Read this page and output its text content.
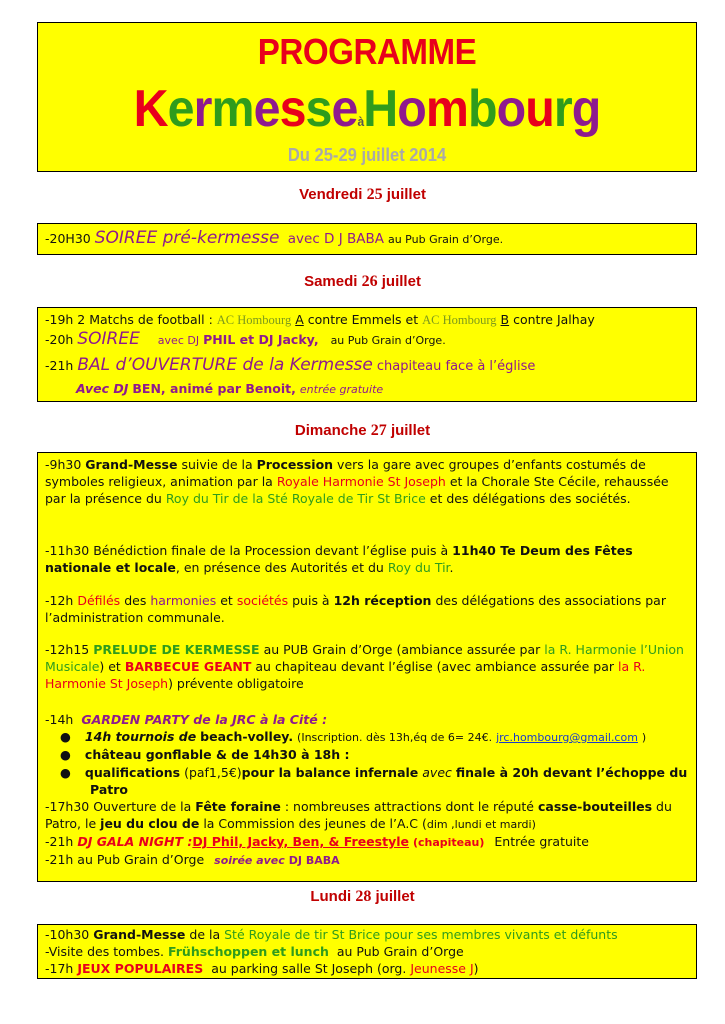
PROGRAMME
KermesseàHombourg
Du 25-29 juillet 2014
Vendredi 25 juillet
-20H30 SOIREE pré-kermesse avec D J BABA au Pub Grain d’Orge.
Samedi 26 juillet
-19h 2 Matchs de football : AC Hombourg A contre Emmels et AC Hombourg B contre Jalhay
-20h SOIREE avec DJ PHIL et DJ Jacky, au Pub Grain d’Orge.
-21h BAL d’OUVERTURE de la Kermesse chapiteau face à l’église
Avec DJ BEN, animé par Benoit, entrée gratuite
Dimanche 27 juillet
-9h30 Grand-Messe suivie de la Procession vers la gare avec groupes d’enfants costumés de symboles religieux, animation par la Royale Harmonie St Joseph et la Chorale Ste Cécile, rehaussée par la présence du Roy du Tir de la Sté Royale de Tir St Brice et des délégations des sociétés.
-11h30 Bénédiction finale de la Procession devant l’église puis à 11h40 Te Deum des Fêtes nationale et locale, en présence des Autorités et du Roy du Tir.
-12h Défilés des harmonies et sociétés puis à 12h réception des délégations des associations par l’administration communale.
-12h15 PRELUDE DE KERMESSE au PUB Grain d’Orge (ambiance assurée par la R. Harmonie l’Union Musicale) et BARBECUE GEANT au chapiteau devant l’église (avec ambiance assurée par la R. Harmonie St Joseph) prévente obligatoire
-14h GARDEN PARTY de la JRC à la Cité :
● 14h tournois de beach-volley. (Inscription. dès 13h,éq de 6= 24€. jrc.hombourg@gmail.com )
● château gonflable & de 14h30 à 18h :
● qualifications (paf1,5€)pour la balance infernale avec finale à 20h devant l’échoppe du Patro
-17h30 Ouverture de la Fête foraine : nombreuses attractions dont le réputé casse-bouteilles du Patro, le jeu du clou de la Commission des jeunes de l’A.C (dim ,lundi et mardi)
-21h DJ GALA NIGHT :DJ Phil, Jacky, Ben, & Freestyle (chapiteau) Entrée gratuite
-21h au Pub Grain d’Orge soirée avec DJ BABA
Lundi 28 juillet
-10h30 Grand-Messe de la Sté Royale de tir St Brice pour ses membres vivants et défunts
-Visite des tombes. Frühschoppen et lunch au Pub Grain d’Orge
-17h JEUX POPULAIRES au parking salle St Joseph (org. Jeunesse J)
